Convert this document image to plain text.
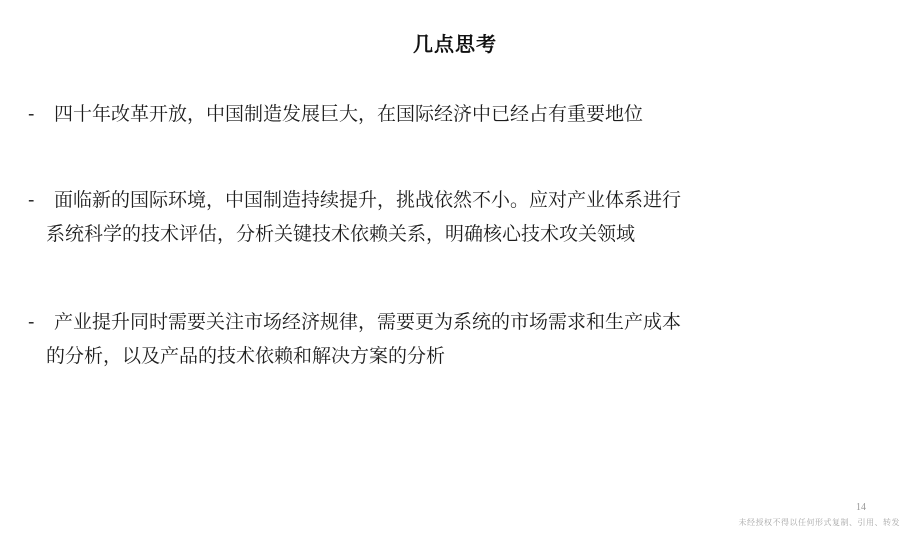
几点思考
- 四十年改革开放，中国制造发展巨大，在国际经济中已经占有重要地位
- 面临新的国际环境，中国制造持续提升，挑战依然不小。应对产业体系进行
系统科学的技术评估，分析关键技术依赖关系，明确核心技术攻关领域
- 产业提升同时需要关注市场经济规律，需要更为系统的市场需求和生产成本
的分析，以及产品的技术依赖和解决方案的分析
14
未经授权不得以任何形式复制、引用、转发
